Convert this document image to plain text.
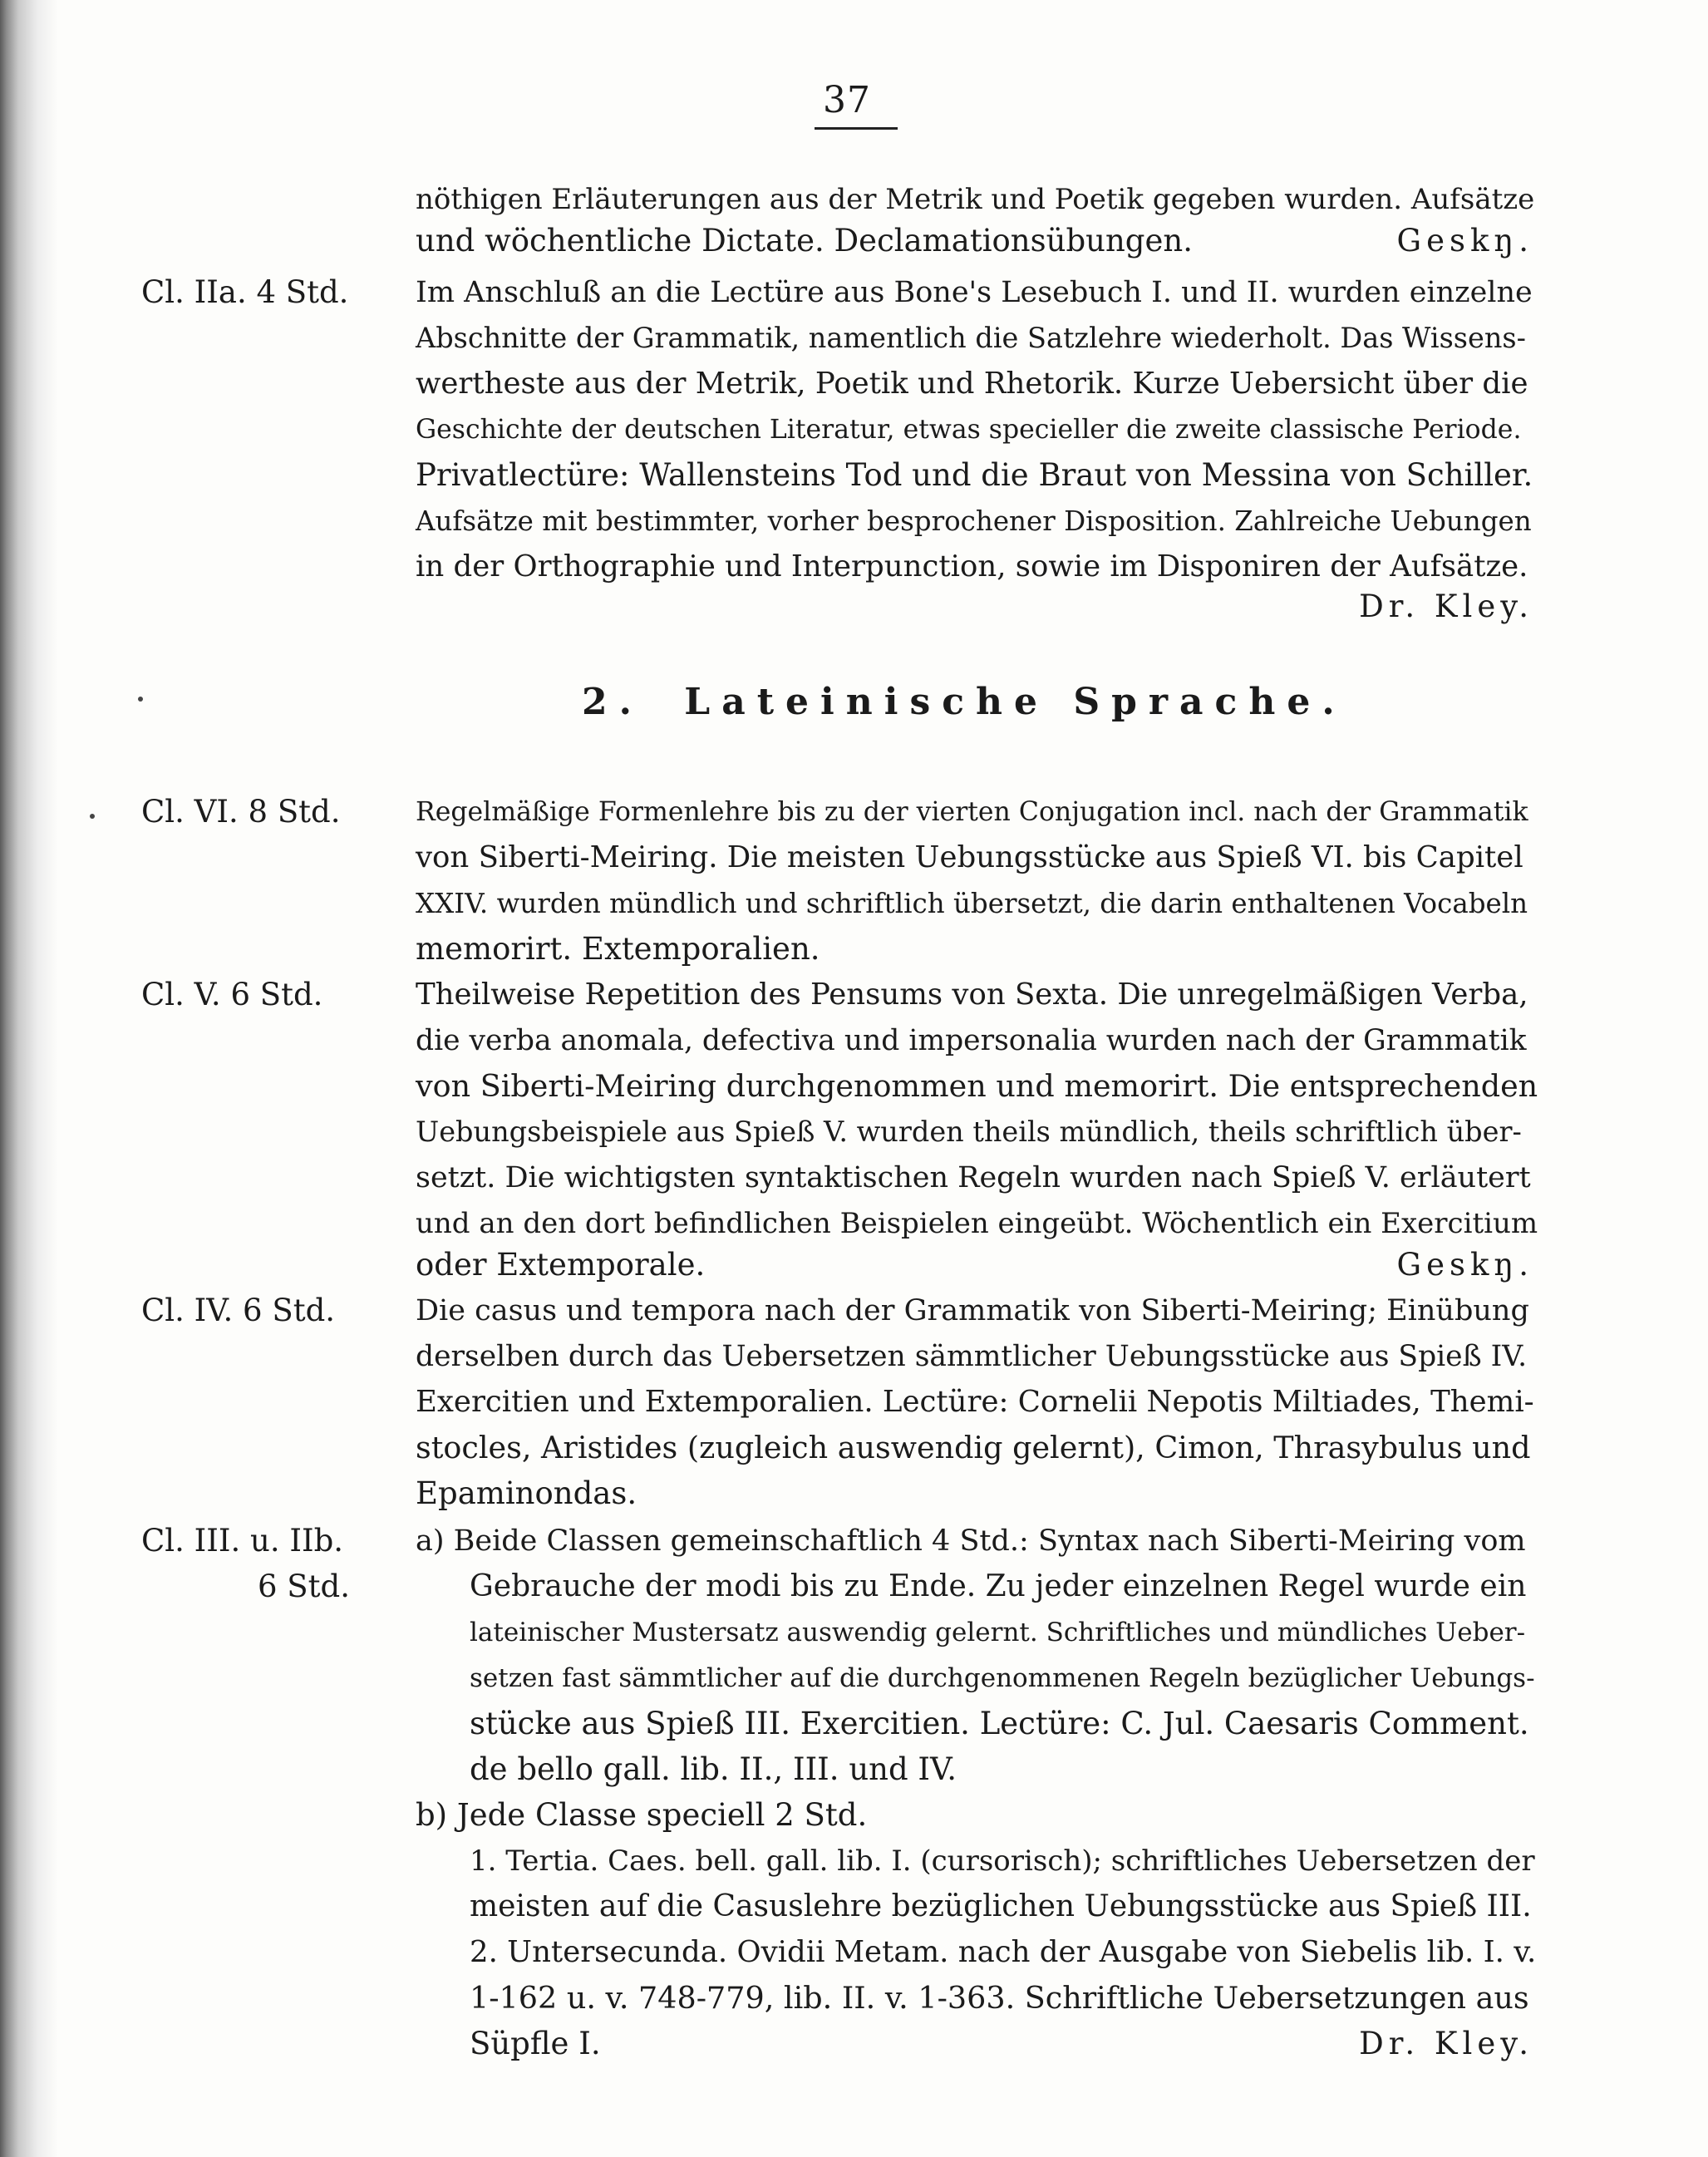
37
nöthigen Erläuterungen aus der Metrik und Poetik gegeben wurden. Aufsätze
und wöchentliche Dictate. Declamationsübungen.	Geskŋ.
Cl. IIa. 4 Std. Im Anschluß an die Lectüre aus Bone's Lesebuch I. und II. wurden einzelne
Abschnitte der Grammatik, namentlich die Satzlehre wiederholt. Das Wissens-
wertheste aus der Metrik, Poetik und Rhetorik. Kurze Uebersicht über die
Geschichte der deutschen Literatur, etwas specieller die zweite classische Periode.
Privatlectüre: Wallensteins Tod und die Braut von Messina von Schiller.
Aufsätze mit bestimmter, vorher besprochener Disposition. Zahlreiche Uebungen
in der Orthographie und Interpunction, sowie im Disponiren der Aufsätze.
Dr. Kley.
2. Lateinische Sprache.
Cl. VI. 8 Std.	Regelmäßige Formenlehre bis zu der vierten Conjugation incl. nach der Grammatik
von Siberti-Meiring. Die meisten Uebungsstücke aus Spieß VI. bis Capitel
XXIV. wurden mündlich und schriftlich übersetzt, die darin enthaltenen Vocabeln
memorirt. Extemporalien.
Cl. V. 6 Std.	Theilweise Repetition des Pensums von Sexta. Die unregelmäßigen Verba,
die verba anomala, defectiva und impersonalia wurden nach der Grammatik
von Siberti-Meiring durchgenommen und memorirt. Die entsprechenden
Uebungsbeispiele aus Spieß V. wurden theils mündlich, theils schriftlich über-
setzt. Die wichtigsten syntaktischen Regeln wurden nach Spieß V. erläutert
und an den dort befindlichen Beispielen eingeübt. Wöchentlich ein Exercitium
oder Extemporale.	Geskŋ.
Cl. IV. 6 Std.	Die casus und tempora nach der Grammatik von Siberti-Meiring; Einübung
derselben durch das Uebersetzen sämmtlicher Uebungsstücke aus Spieß IV.
Exercitien und Extemporalien. Lectüre: Cornelii Nepotis Miltiades, Themi-
stocles, Aristides (zugleich auswendig gelernt), Cimon, Thrasybulus und
Epaminondas.
Cl. III. u. IIb. a) Beide Classen gemeinschaftlich 4 Std.: Syntax nach Siberti-Meiring vom
6 Std.	Gebrauche der modi bis zu Ende. Zu jeder einzelnen Regel wurde ein
lateinischer Mustersatz auswendig gelernt. Schriftliches und mündliches Ueber-
setzen fast sämmtlicher auf die durchgenommenen Regeln bezüglicher Uebungs-
stücke aus Spieß III. Exercitien. Lectüre: C. Jul. Caesaris Comment.
de bello gall. lib. II., III. und IV.
b) Jede Classe speciell 2 Std.
1. Tertia. Caes. bell. gall. lib. I. (cursorisch); schriftliches Uebersetzen der
meisten auf die Casuslehre bezüglichen Uebungsstücke aus Spieß III.
2. Untersecunda. Ovidii Metam. nach der Ausgabe von Siebelis lib. I. v.
1-162 u. v. 748-779, lib. II. v. 1-363. Schriftliche Uebersetzungen aus
Süpfle I.	Dr. Kley.
